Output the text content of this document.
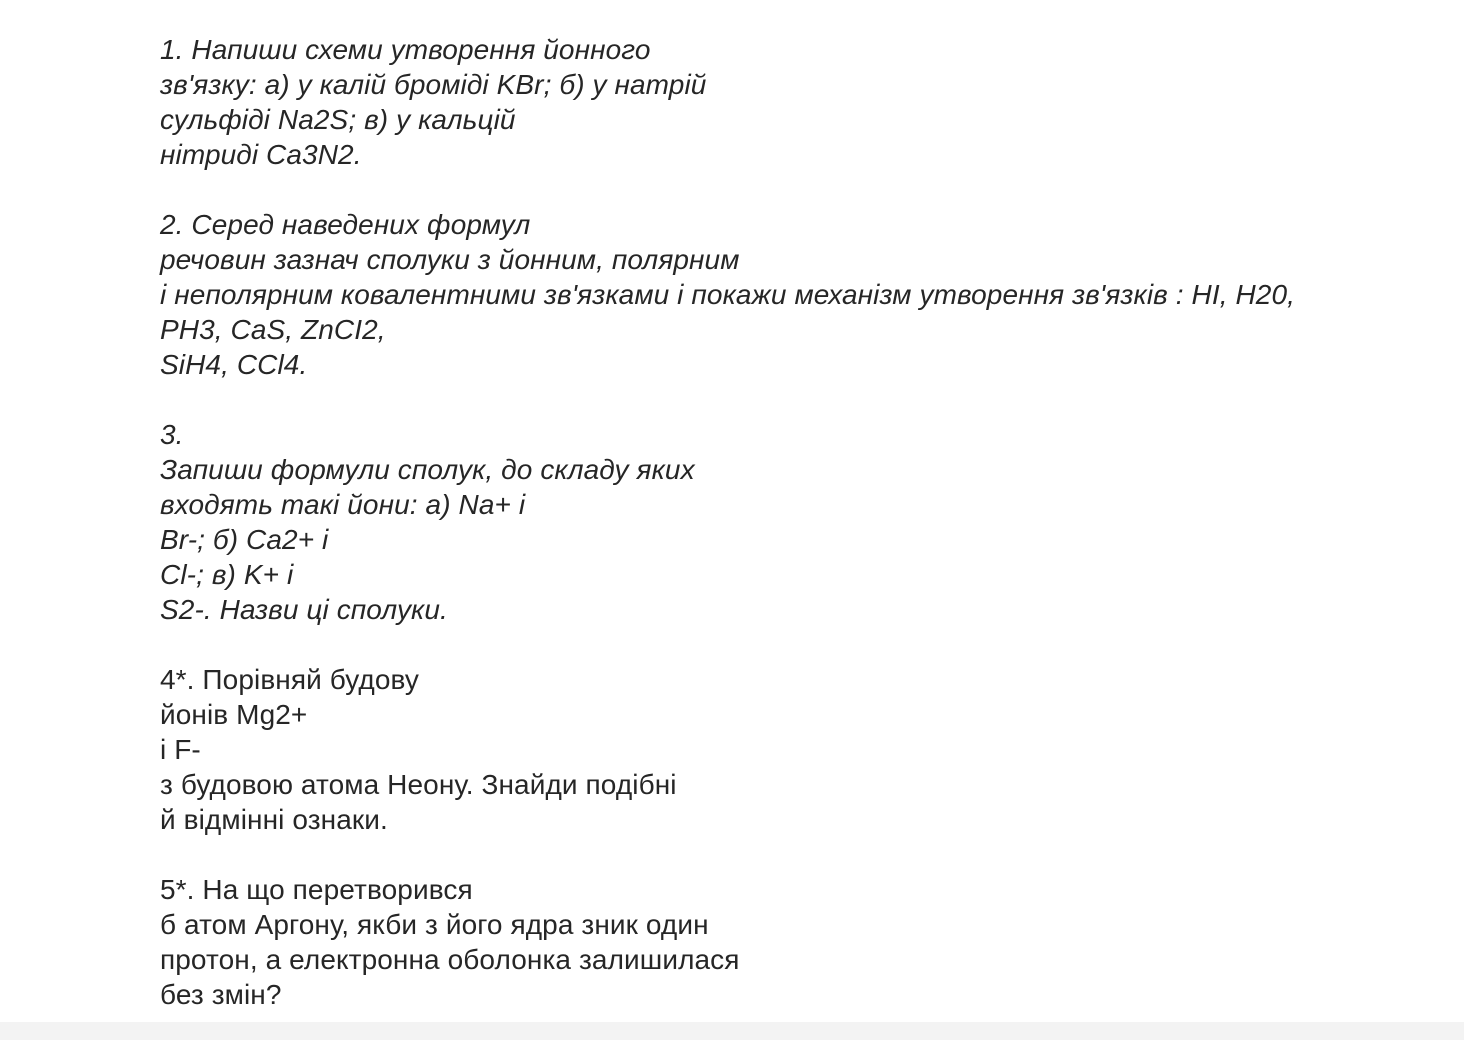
1. Напиши схеми утворення йонного
зв'язку: а) у калій броміді KBr; б) у натрій
сульфіді Na2S; в) у кальцій
нітриді Ca3N2.
2. Серед наведених формул
речовин зазнач сполуки з йонним, полярним
і неполярним ковалентними зв'язками і покажи механізм утворення зв'язків : HI, H20,
PH3, CaS, ZnCI2,
SiH4, CCl4.
3.
Запиши формули сполук, до складу яких
входять такі йони: а) Na+ і
Br-; б) Ca2+ і
Cl-; в) K+ і
S2-. Назви ці сполуки.
4*. Порівняй будову
йонів Mg2+
і F-
з будовою атома Неону. Знайди подібні
й відмінні ознаки.
5*. На що перетворився
б атом Аргону, якби з його ядра зник один
протон, а електронна оболонка залишилася
без змін?
